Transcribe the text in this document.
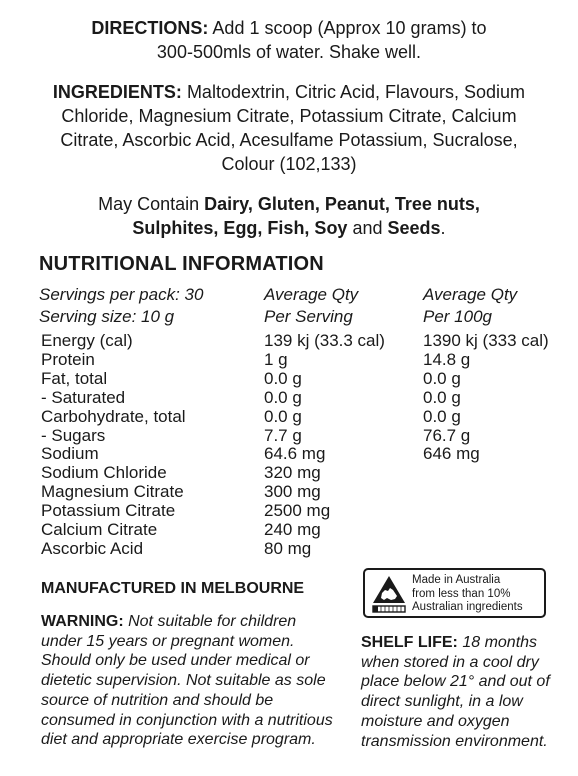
DIRECTIONS: Add 1 scoop (Approx 10 grams) to
300-500mls of water. Shake well.
INGREDIENTS: Maltodextrin, Citric Acid, Flavours, Sodium
Chloride, Magnesium Citrate, Potassium Citrate, Calcium
Citrate, Ascorbic Acid, Acesulfame Potassium, Sucralose,
Colour (102,133)
May Contain Dairy, Gluten, Peanut, Tree nuts,
Sulphites, Egg, Fish, Soy and Seeds.
NUTRITIONAL INFORMATION
Servings per pack: 30
Serving size: 10 g
Average Qty
Per Serving
Average Qty
Per 100g
Energy (cal)
Protein
Fat, total
- Saturated
Carbohydrate, total
- Sugars
Sodium
Sodium Chloride
Magnesium Citrate
Potassium Citrate
Calcium Citrate
Ascorbic Acid
139 kj (33.3 cal)
1 g
0.0 g
0.0 g
0.0 g
7.7 g
64.6 mg
320 mg
300 mg
2500 mg
240 mg
80 mg
1390 kj (333 cal)
14.8 g
0.0 g
0.0 g
0.0 g
76.7 g
646 mg
MANUFACTURED IN MELBOURNE
WARNING: Not suitable for children
under 15 years or pregnant women.
Should only be used under medical or
dietetic supervision. Not suitable as sole
source of nutrition and should be
consumed in conjunction with a nutritious
diet and appropriate exercise program.
Made in Australia
from less than 10%
Australian ingredients
SHELF LIFE: 18 months
when stored in a cool dry
place below 21° and out of
direct sunlight, in a low
moisture and oxygen
transmission environment.
